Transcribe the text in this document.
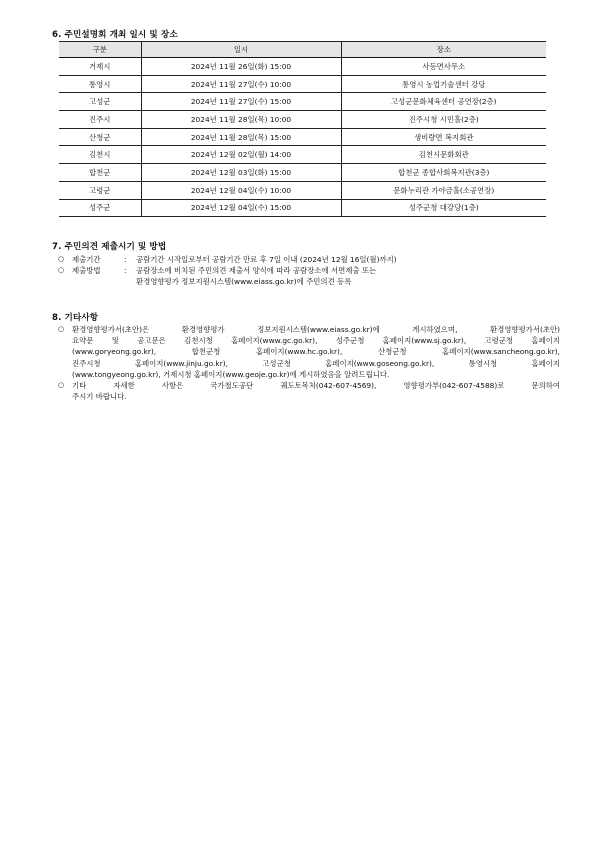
6. 주민설명회 개최 일시 및 장소
구분	일시	장소
거제시	2024년 11월 26일(화) 15:00	사등면사무소
통영시	2024년 11월 27일(수) 10:00	통영시 농업기술센터 강당
고성군	2024년 11월 27일(수) 15:00	고성군문화체육센터 공연장(2층)
진주시	2024년 11월 28일(목) 10:00	진주시청 시민홀(2층)
산청군	2024년 11월 28일(목) 15:00	생비량면 복지회관
김천시	2024년 12월 02일(월) 14:00	김천시문화회관
합천군	2024년 12월 03일(화) 15:00	합천군 종합사회복지관(3층)
고령군	2024년 12월 04일(수) 10:00	문화누리관 가야금홀(소공연장)
성주군	2024년 12월 04일(수) 15:00	성주군청 대강당(1층)
7. 주민의견 제출시기 및 방법
○ 제출기간	:	공람기간 시작일로부터 공람기간 만료 후 7일 이내 (2024년 12월 16일(월)까지)
○ 제출방법	:	공람장소에 비치된 주민의견 제출서 양식에 따라 공람장소에 서면제출 또는
환경영향평가 정보지원시스템(www.eiass.go.kr)에 주민의견 등록
8. 기타사항
○ 환경영향평가서(초안)은 환경영향평가 정보지원시스템(www.eiass.go.kr)에 게시하였으며, 환경영향평가서(초안)
요약문 및 공고문은 김천시청 홈페이지(www.gc.go.kr), 성주군청 홈페이지(www.sj.go.kr), 고령군청 홈페이지
(www.goryeong.go.kr), 합천군청 홈페이지(www.hc.go.kr), 산청군청 홈페이지(www.sancheong.go.kr),
진주시청 홈페이지(www.jinju.go.kr), 고성군청 홈페이지(www.goseong.go.kr), 통영시청 홈페이지
(www.tongyeong.go.kr), 거제시청 홈페이지(www.geoje.go.kr)에 게시하였음을 알려드립니다.
○ 기타 자세한 사항은 국가철도공단 궤도토목처(042-607-4569), 영향평가부(042-607-4588)로 문의하여
주시기 바랍니다.
